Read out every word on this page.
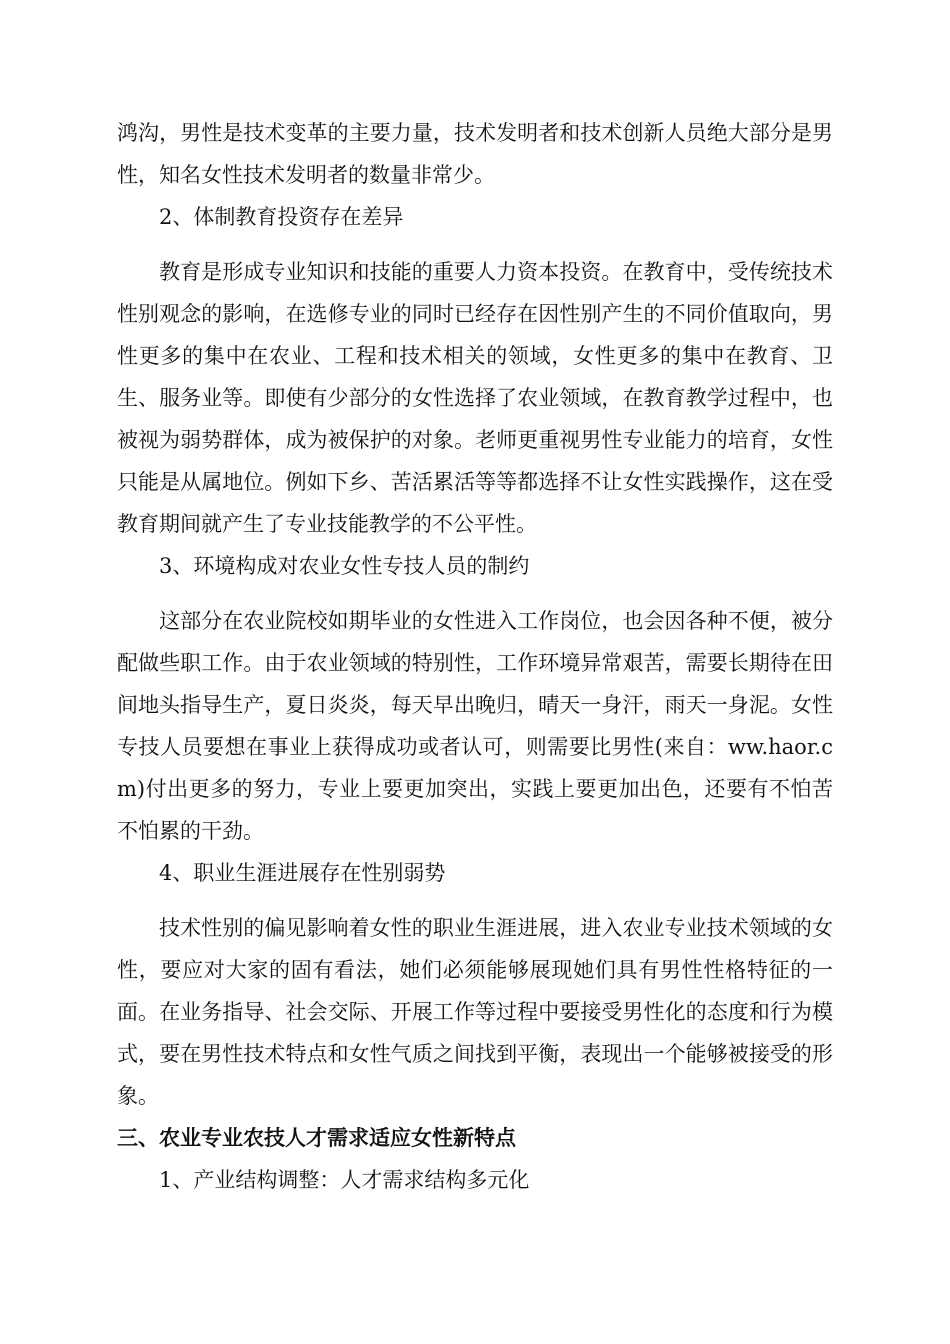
鸿沟，男性是技术变革的主要力量，技术发明者和技术创新人员绝大部分是男性，知名女性技术发明者的数量非常少。

2、体制教育投资存在差异

教育是形成专业知识和技能的重要人力资本投资。在教育中，受传统技术性别观念的影响，在选修专业的同时已经存在因性别产生的不同价值取向，男性更多的集中在农业、工程和技术相关的领域，女性更多的集中在教育、卫生、服务业等。即使有少部分的女性选择了农业领域，在教育教学过程中，也被视为弱势群体，成为被保护的对象。老师更重视男性专业能力的培育，女性只能是从属地位。例如下乡、苦活累活等等都选择不让女性实践操作，这在受教育期间就产生了专业技能教学的不公平性。

3、环境构成对农业女性专技人员的制约

这部分在农业院校如期毕业的女性进入工作岗位，也会因各种不便，被分配做些职工作。由于农业领域的特别性，工作环境异常艰苦，需要长期待在田间地头指导生产，夏日炎炎，每天早出晚归，晴天一身汗，雨天一身泥。女性专技人员要想在事业上获得成功或者认可，则需要比男性(来自：ww.haor.cm)付出更多的努力，专业上要更加突出，实践上要更加出色，还要有不怕苦不怕累的干劲。

4、职业生涯进展存在性别弱势

技术性别的偏见影响着女性的职业生涯进展，进入农业专业技术领域的女性，要应对大家的固有看法，她们必须能够展现她们具有男性性格特征的一面。在业务指导、社会交际、开展工作等过程中要接受男性化的态度和行为模式，要在男性技术特点和女性气质之间找到平衡，表现出一个能够被接受的形象。

三、农业专业农技人才需求适应女性新特点

1、产业结构调整：人才需求结构多元化
